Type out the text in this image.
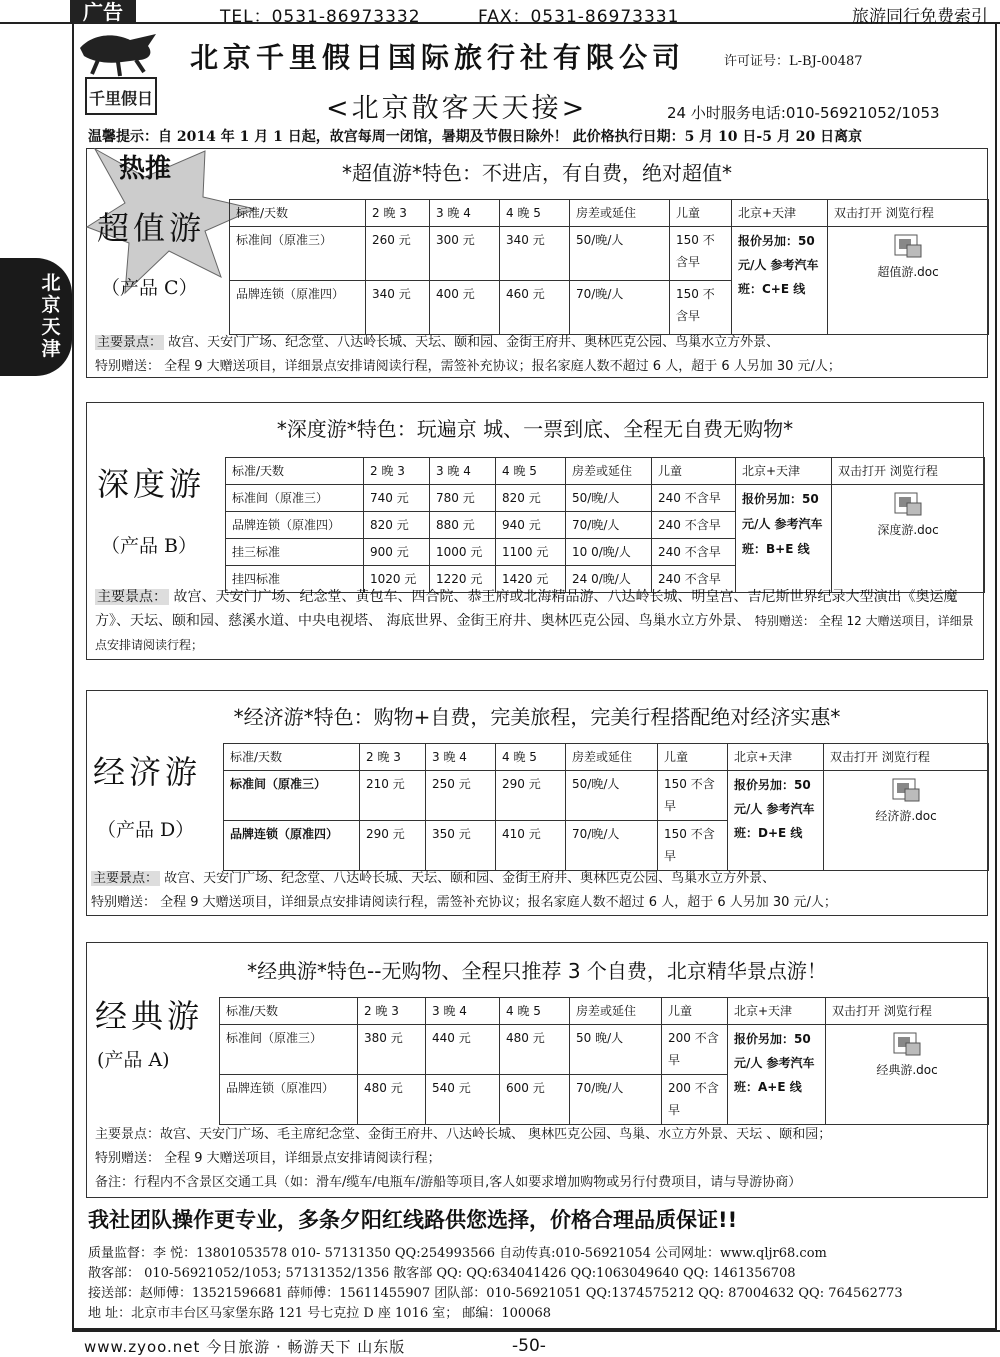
广告	TEL：0531-86973332	FAX：0531-86973331	旅游同行免费索引
北京天津
千里假日
北京千里假日国际旅行社有限公司	许可证号：L-BJ-00487
<北京散客天天接>	24 小时服务电话:010-56921052/1053
温馨提示：自 2014 年 1 月 1 日起，故宫每周一闭馆，暑期及节假日除外！ 此价格执行日期：5 月 10 日-5 月 20 日离京
热推	*超值游*特色：不进店，有自费，绝对超值*
超值游
（产品 C）
标准/天数	2 晚 3	3 晚 4	4 晚 5	房差或延住	儿童	北京+天津	双击打开 浏览行程
标准间（原准三）	260 元	300 元	340 元	50/晚/人	150 不含早	报价另加：50 元/人 参考汽车班：C+E 线	超值游.doc
品牌连锁（原准四）	340 元	400 元	460 元	70/晚/人	150 不含早		
主要景点： 故宫、天安门广场、纪念堂、八达岭长城、天坛、颐和园、金街王府井、奥林匹克公园、鸟巢水立方外景、
特别赠送： 全程 9 大赠送项目，详细景点安排请阅读行程，需签补充协议；报名家庭人数不超过 6 人，超于 6 人另加 30 元/人；
*深度游*特色：玩遍京 城、一票到底、全程无自费无购物*
深度游
（产品 B）
标准/天数	2 晚 3	3 晚 4	4 晚 5	房差或延住	儿童	北京+天津	双击打开 浏览行程
标准间（原准三）	740 元	780 元	820 元	50/晚/人	240 不含早	报价另加：50 元/人 参考汽车班：B+E 线	深度游.doc
品牌连锁（原准四）	820 元	880 元	940 元	70/晚/人	240 不含早		
挂三标准	900 元	1000 元	1100 元	10 0/晚/人	240 不含早		
挂四标准	1020 元	1220 元	1420 元	24 0/晚/人	240 不含早		
主要景点： 故宫、天安门广场、纪念堂、黄包车、四合院、恭王府或北海精品游、八达岭长城、明皇宫、吉尼斯世界纪录大型演出《奥运魔方》、天坛、颐和园、慈溪水道、中央电视塔、 海底世界、金街王府井、奥林匹克公园、鸟巢水立方外景、 特别赠送： 全程 12 大赠送项目，详细景点安排请阅读行程；
*经济游*特色：购物+自费，完美旅程，完美行程搭配绝对经济实惠*
经济游
（产品 D）
标准/天数	2 晚 3	3 晚 4	4 晚 5	房差或延住	儿童	北京+天津	双击打开 浏览行程
标准间（原准三）	210 元	250 元	290 元	50/晚/人	150 不含早	报价另加：50 元/人 参考汽车班：D+E 线	经济游.doc
品牌连锁（原准四）	290 元	350 元	410 元	70/晚/人	150 不含早		
主要景点： 故宫、天安门广场、纪念堂、八达岭长城、天坛、颐和园、金街王府井、奥林匹克公园、鸟巢水立方外景、
特别赠送： 全程 9 大赠送项目，详细景点安排请阅读行程，需签补充协议；报名家庭人数不超过 6 人，超于 6 人另加 30 元/人；
*经典游*特色--无购物、全程只推荐 3 个自费，北京精华景点游！
经典游
(产品 A)
标准/天数	2 晚 3	3 晚 4	4 晚 5	房差或延住	儿童	北京+天津	双击打开 浏览行程
标准间（原准三）	380 元	440 元	480 元	50 晚/人	200 不含早	报价另加：50 元/人 参考汽车班：A+E 线	经典游.doc
品牌连锁（原准四）	480 元	540 元	600 元	70/晚/人	200 不含早		
主要景点：故宫、天安门广场、毛主席纪念堂、金街王府井、八达岭长城、 奥林匹克公园、鸟巢、水立方外景、天坛 、颐和园；
特别赠送： 全程 9 大赠送项目，详细景点安排请阅读行程；
备注：行程内不含景区交通工具（如：滑车/缆车/电瓶车/游船等项目,客人如要求增加购物或另行付费项目，请与导游协商）
我社团队操作更专业，多条夕阳红线路供您选择，价格合理品质保证!!
质量监督：李 悦：13801053578 010- 57131350 QQ:254993566 自动传真:010-56921054 公司网址：www.qljr68.com
散客部： 010-56921052/1053; 57131352/1356 散客部 QQ: QQ:634041426 QQ:1063049640 QQ: 1461356708
接送部：赵师傅：13521596681 薛师傅：15611455907 团队部：010-56921051 QQ:1374575212 QQ: 87004632 QQ: 764562773
地 址：北京市丰台区马家堡东路 121 号七克拉 D 座 1016 室； 邮编：100068
www.zyoo.net 今日旅游 · 畅游天下 山东版	-50-
